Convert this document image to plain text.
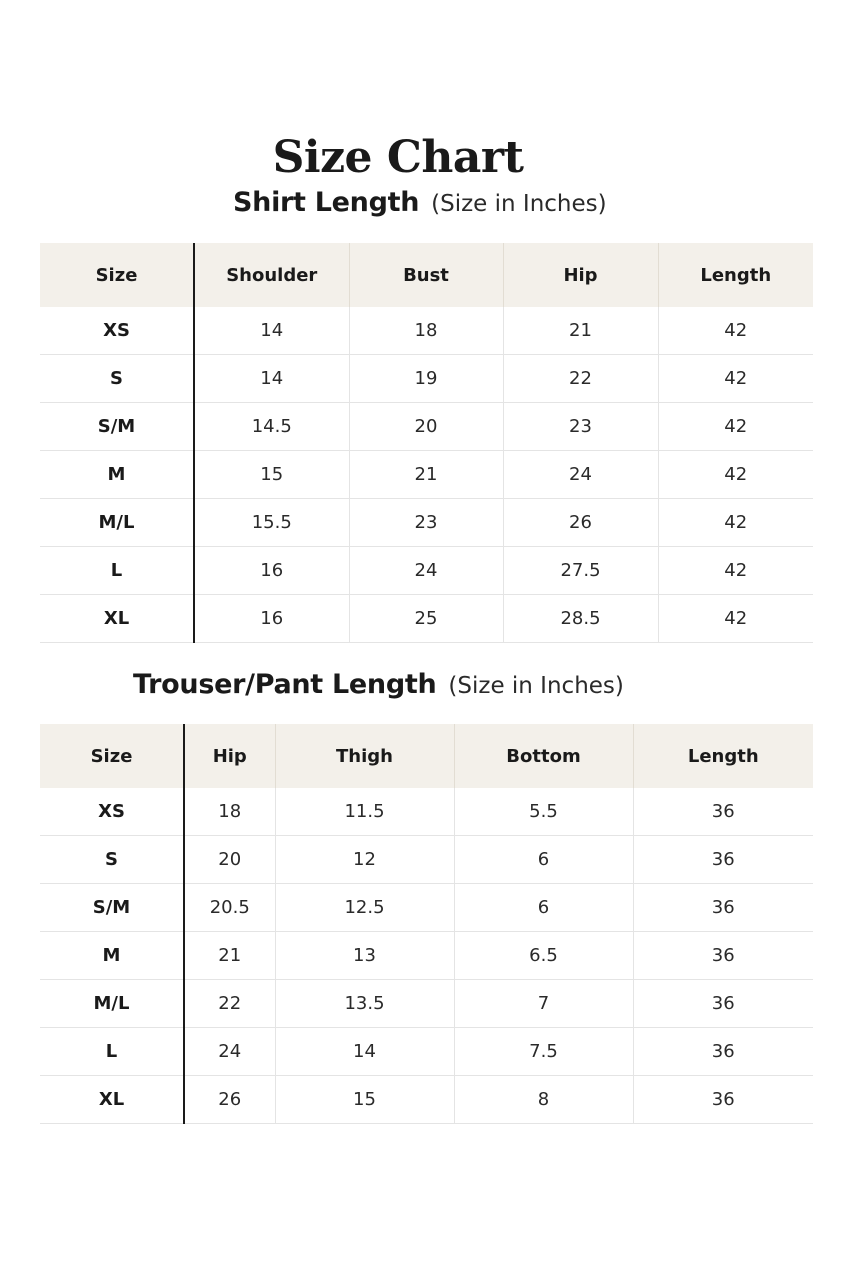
Size Chart
Shirt Length (Size in Inches)
Size	Shoulder	Bust	Hip	Length
XS	14	18	21	42
S	14	19	22	42
S/M	14.5	20	23	42
M	15	21	24	42
M/L	15.5	23	26	42
L	16	24	27.5	42
XL	16	25	28.5	42
Trouser/Pant Length (Size in Inches)
Size	Hip	Thigh	Bottom	Length
XS	18	11.5	5.5	36
S	20	12	6	36
S/M	20.5	12.5	6	36
M	21	13	6.5	36
M/L	22	13.5	7	36
L	24	14	7.5	36
XL	26	15	8	36
